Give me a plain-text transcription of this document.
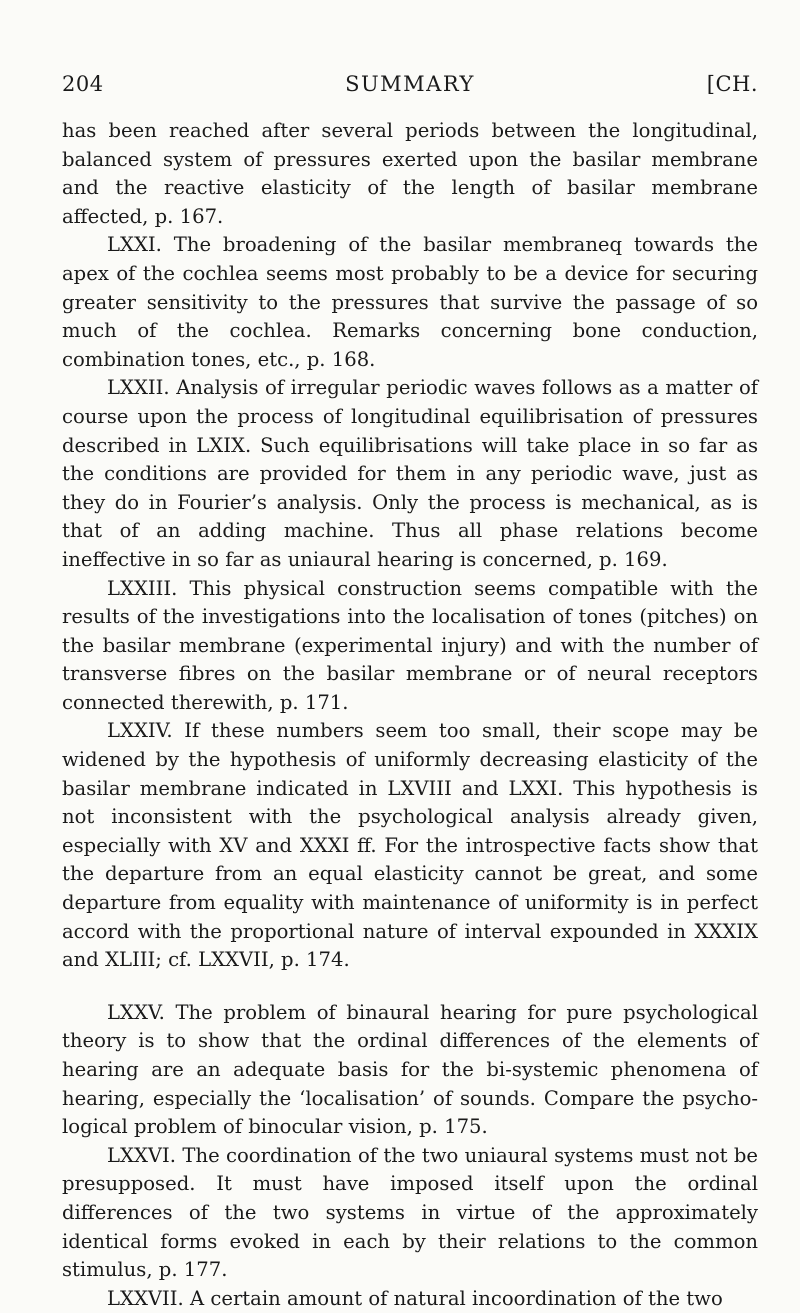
204	SUMMARY	[CH.

has been reached after several periods between the longitudinal, balanced system of pressures exerted upon the basilar membrane and the reactive elasticity of the length of basilar membrane affected, p. 167.

LXXI. The broadening of the basilar membraneq towards the apex of the cochlea seems most probably to be a device for securing greater sensitivity to the pressures that survive the passage of so much of the cochlea. Remarks concerning bone conduction, combination tones, etc., p. 168.

LXXII. Analysis of irregular periodic waves follows as a matter of course upon the process of longitudinal equilibrisation of pressures described in LXIX. Such equilibrisations will take place in so far as the conditions are provided for them in any periodic wave, just as they do in Fourier’s analysis. Only the process is mechanical, as is that of an adding machine. Thus all phase relations become ineffective in so far as uniaural hearing is concerned, p. 169.

LXXIII. This physical construction seems compatible with the results of the investigations into the localisation of tones (pitches) on the basilar membrane (experimental injury) and with the number of transverse fibres on the basilar membrane or of neural receptors connected therewith, p. 171.

LXXIV. If these numbers seem too small, their scope may be widened by the hypothesis of uniformly decreasing elasticity of the basilar membrane indicated in LXVIII and LXXI. This hypothesis is not inconsistent with the psychological analysis already given, especially with XV and XXXI ff. For the introspective facts show that the departure from an equal elasticity cannot be great, and some departure from equality with maintenance of uniformity is in perfect accord with the proportional nature of interval expounded in XXXIX and XLIII; cf. LXXVII, p. 174.

LXXV. The problem of binaural hearing for pure psychological theory is to show that the ordinal differences of the elements of hearing are an adequate basis for the bi-systemic phenomena of hearing, especially the ‘localisation’ of sounds. Compare the psycho-logical problem of binocular vision, p. 175.

LXXVI. The coordination of the two uniaural systems must not be presupposed. It must have imposed itself upon the ordinal differences of the two systems in virtue of the approximately identical forms evoked in each by their relations to the common stimulus, p. 177.

LXXVII. A certain amount of natural incoordination of the two
